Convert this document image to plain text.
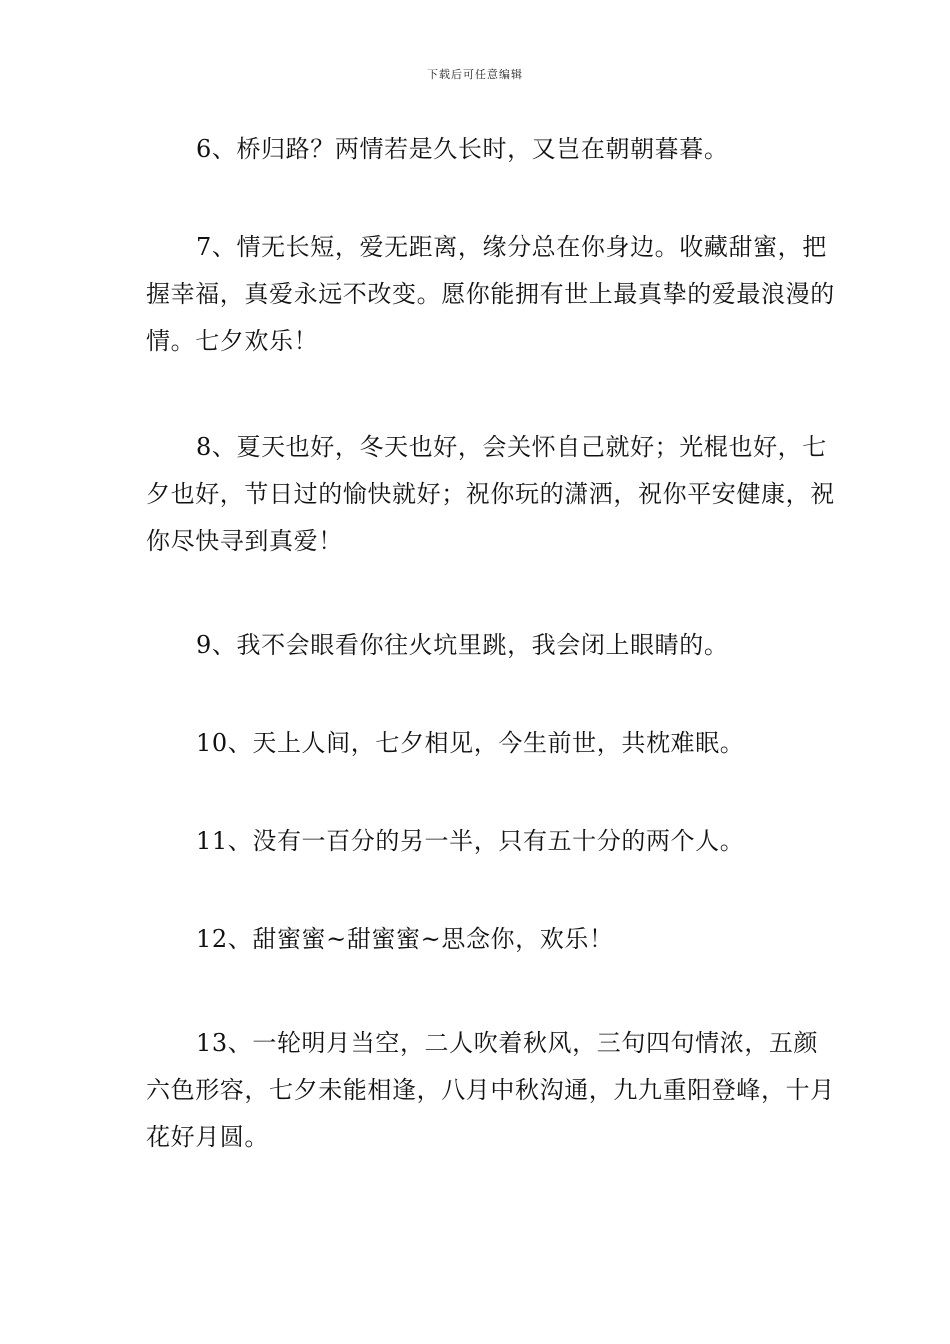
下载后可任意编辑

6、桥归路？两情若是久长时，又岂在朝朝暮暮。

7、情无长短，爱无距离，缘分总在你身边。收藏甜蜜，把握幸福，真爱永远不改变。愿你能拥有世上最真挚的爱最浪漫的情。七夕欢乐！

8、夏天也好，冬天也好，会关怀自己就好；光棍也好，七夕也好，节日过的愉快就好；祝你玩的潇洒，祝你平安健康，祝你尽快寻到真爱！

9、我不会眼看你往火坑里跳，我会闭上眼睛的。

10、天上人间，七夕相见，今生前世，共枕难眠。

11、没有一百分的另一半，只有五十分的两个人。

12、甜蜜蜜~甜蜜蜜~思念你，欢乐！

13、一轮明月当空，二人吹着秋风，三句四句情浓，五颜六色形容，七夕未能相逢，八月中秋沟通，九九重阳登峰，十月花好月圆。
